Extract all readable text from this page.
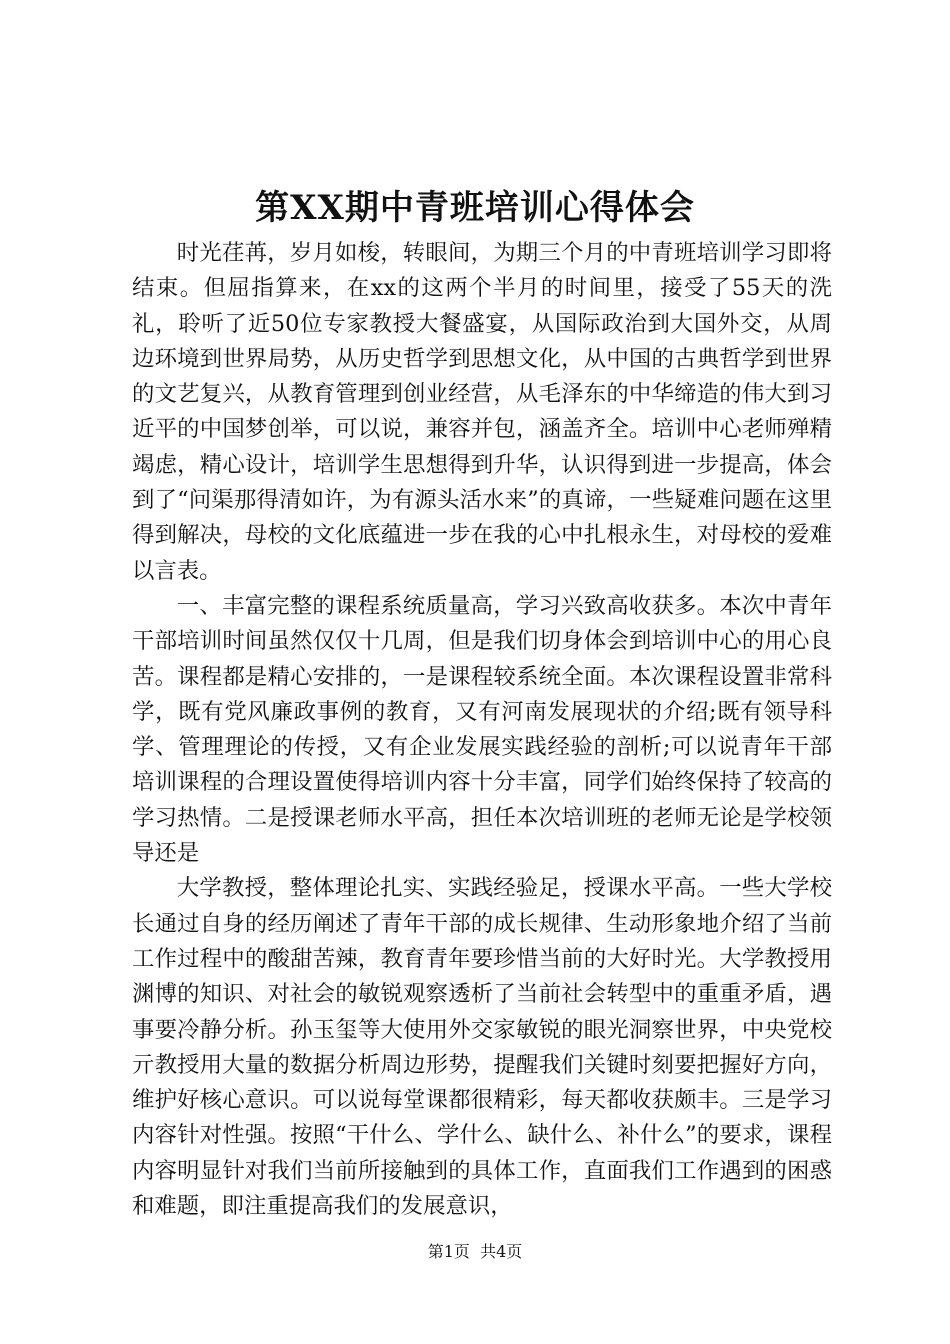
第XX期中青班培训心得体会

时光荏苒，岁月如梭，转眼间，为期三个月的中青班培训学习即将结束。但屈指算来，在xx的这两个半月的时间里，接受了55天的洗礼，聆听了近50位专家教授大餐盛宴，从国际政治到大国外交，从周边环境到世界局势，从历史哲学到思想文化，从中国的古典哲学到世界的文艺复兴，从教育管理到创业经营，从毛泽东的中华缔造的伟大到习近平的中国梦创举，可以说，兼容并包，涵盖齐全。培训中心老师殚精竭虑，精心设计，培训学生思想得到升华，认识得到进一步提高，体会到了“问渠那得清如许，为有源头活水来”的真谛，一些疑难问题在这里得到解决，母校的文化底蕴进一步在我的心中扎根永生，对母校的爱难以言表。

一、丰富完整的课程系统质量高，学习兴致高收获多。本次中青年干部培训时间虽然仅仅十几周，但是我们切身体会到培训中心的用心良苦。课程都是精心安排的，一是课程较系统全面。本次课程设置非常科学，既有党风廉政事例的教育，又有河南发展现状的介绍;既有领导科学、管理理论的传授，又有企业发展实践经验的剖析;可以说青年干部培训课程的合理设置使得培训内容十分丰富，同学们始终保持了较高的学习热情。二是授课老师水平高，担任本次培训班的老师无论是学校领导还是

大学教授，整体理论扎实、实践经验足，授课水平高。一些大学校长通过自身的经历阐述了青年干部的成长规律、生动形象地介绍了当前工作过程中的酸甜苦辣，教育青年要珍惜当前的大好时光。大学教授用渊博的知识、对社会的敏锐观察透析了当前社会转型中的重重矛盾，遇事要冷静分析。孙玉玺等大使用外交家敏锐的眼光洞察世界，中央党校亓教授用大量的数据分析周边形势，提醒我们关键时刻要把握好方向，维护好核心意识。可以说每堂课都很精彩，每天都收获颇丰。三是学习内容针对性强。按照“干什么、学什么、缺什么、补什么”的要求，课程内容明显针对我们当前所接触到的具体工作，直面我们工作遇到的困惑和难题，即注重提高我们的发展意识，

第1页 共4页
